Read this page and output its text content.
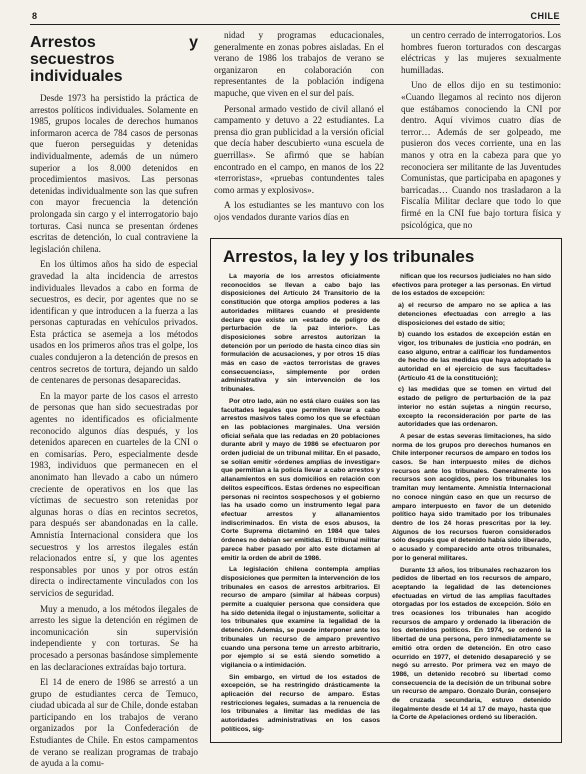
8	CHILE
Arrestos y secuestros individuales

Desde 1973 ha persistido la práctica de arrestos políticos individuales. Solamente en 1985, grupos locales de derechos humanos informaron acerca de 784 casos de personas que fueron perseguidas y detenidas individualmente, además de un número superior a los 8.000 detenidos en procedimientos masivos. Las personas detenidas individualmente son las que sufren con mayor frecuencia la detención prolongada sin cargo y el interrogatorio bajo torturas. Casi nunca se presentan órdenes escritas de detención, lo cual contraviene la legislación chilena.

En los últimos años ha sido de especial gravedad la alta incidencia de arrestos individuales llevados a cabo en forma de secuestros, es decir, por agentes que no se identifican y que introducen a la fuerza a las personas capturadas en vehículos privados. Esta práctica se asemeja a los métodos usados en los primeros años tras el golpe, los cuales condujeron a la detención de presos en centros secretos de tortura, dejando un saldo de centenares de personas desaparecidas.

En la mayor parte de los casos el arresto de personas que han sido secuestradas por agentes no identificados es oficialmente reconocido algunos días después, y los detenidos aparecen en cuarteles de la CNI o en comisarías. Pero, especialmente desde 1983, individuos que permanecen en el anonimato han llevado a cabo un número creciente de operativos en los que las víctimas de secuestro son retenidas por algunas horas o días en recintos secretos, para después ser abandonadas en la calle. Amnistía Internacional considera que los secuestros y los arrestos ilegales están relacionados entre sí, y que los agentes responsables por unos y por otros están directa o indirectamente vinculados con los servicios de seguridad.

Muy a menudo, a los métodos ilegales de arresto les sigue la detención en régimen de incomunicación sin supervisión independiente y con torturas. Se ha procesado a personas basándose simplemente en las declaraciones extraídas bajo tortura.

El 14 de enero de 1986 se arrestó a un grupo de estudiantes cerca de Temuco, ciudad ubicada al sur de Chile, donde estaban participando en los trabajos de verano organizados por la Confederación de Estudiantes de Chile. En estos campamentos de verano se realizan programas de trabajo de ayuda a la comu-

nidad y programas educacionales, generalmente en zonas pobres aisladas. En el verano de 1986 los trabajos de verano se organizaron en colaboración con representantes de la población indígena mapuche, que viven en el sur del país.

Personal armado vestido de civil allanó el campamento y detuvo a 22 estudiantes. La prensa dio gran publicidad a la versión oficial que decía haber descubierto «una escuela de guerrillas». Se afirmó que se habían encontrado en el campo, en manos de los 22 «terroristas», «pruebas contundentes tales como armas y explosivos».

A los estudiantes se les mantuvo con los ojos vendados durante varios días en

un centro cerrado de interrogatorios. Los hombres fueron torturados con descargas eléctricas y las mujeres sexualmente humilladas.

Uno de ellos dijo en su testimonio: «Cuando llegamos al recinto nos dijeron que estábamos conociendo la CNI por dentro. Aquí vivimos cuatro días de terror… Además de ser golpeado, me pusieron dos veces corriente, una en las manos y otra en la cabeza para que yo reconociera ser militante de las Juventudes Comunistas, que participaba en apagones y barricadas… Cuando nos trasladaron a la Fiscalía Militar declare que todo lo que firmé en la CNI fue bajo tortura física y psicológica, que no

Arrestos, la ley y los tribunales

La mayoría de los arrestos oficialmente reconocidos se llevan a cabo bajo las disposiciones del Artículo 24 Transitorio de la constitución que otorga amplios poderes a las autoridades militares cuando el presidente declare que existe un «estado de peligro de perturbación de la paz interior». Las disposiciones sobre arrestos autorizan la detención por un período de hasta cinco días sin formulación de acusaciones, y por otros 15 días más en caso de «actos terroristas de graves consecuencias», simplemente por orden administrativa y sin intervención de los tribunales.

Por otro lado, aún no está claro cuáles son las facultades legales que permiten llevar a cabo arrestos masivos tales como los que se efectúan en las poblaciones marginales. Una versión oficial señala que las redadas en 20 poblaciones durante abril y mayo de 1986 se efectuaron por orden judicial de un tribunal militar. En el pasado, se solían emitir «órdenes amplias de investigar» que permitían a la policía llevar a cabo arrestos y allanamientos en sus domicilios en relación con delitos específicos. Estas órdenes no especifican personas ni recintos sospechosos y el gobierno las ha usado como un instrumento legal para efectuar arrestos y allanamientos indiscriminados. En vista de esos abusos, la Corte Suprema dictaminó en 1984 que tales órdenes no debían ser emitidas. El tribunal militar parece haber pasado por alto este dictamen al emitir la orden de abril de 1986.

La legislación chilena contempla amplias disposiciones que permiten la intervención de los tribunales en casos de arrestos arbitrarios. El recurso de amparo (similar al hábeas corpus) permite a cualquier persona que considera que ha sido detenida ilegal o injustamente, solicitar a los tribunales que examine la legalidad de la detención. Además, se puede interponer ante los tribunales un recurso de amparo preventivo cuando una persona teme un arresto arbitrario, por ejemplo si se está siendo sometido a vigilancia o a intimidación.

Sin embargo, en virtud de los estados de excepción, se ha restringido drásticamente la aplicación del recurso de amparo. Estas restricciones legales, sumadas a la renuencia de los tribunales a limitar las medidas de las autoridades administrativas en los casos políticos, sig-

nifican que los recursos judiciales no han sido efectivos para proteger a las personas. En virtud de los estados de excepción:

a) el recurso de amparo no se aplica a las detenciones efectuadas con arreglo a las disposiciones del estado de sitio;

b) cuando los estados de excepción están en vigor, los tribunales de justicia «no podrán, en caso alguno, entrar a calificar los fundamentos de hecho de las medidas que haya adoptado la autoridad en el ejercicio de sus facultades» (Artículo 41 de la constitución);

c) las medidas que se tomen en virtud del estado de peligro de perturbación de la paz interior no están sujetas a ningún recurso, excepto la reconsideración por parte de las autoridades que las ordenaron.

A pesar de estas severas limitaciones, ha sido norma de los grupos pro derechos humanos en Chile interponer recursos de amparo en todos los casos. Se han interpuesto miles de dichos recursos ante los tribunales. Generalmente los recursos son acogidos, pero los tribunales los tramitan muy lentamente. Amnistía Internacional no conoce ningún caso en que un recurso de amparo interpuesto en favor de un detenido político haya sido tramitado por los tribunales dentro de los 24 horas prescritas por la ley. Algunos de los recursos fueron considerados sólo después que el detenido había sido liberado, o acusado y comparecido ante otros tribunales, por lo general militares.

Durante 13 años, los tribunales rechazaron los pedidos de libertad en los recursos de amparo, aceptando la legalidad de las detenciones efectuadas en virtud de las amplias facultades otorgadas por los estados de excepción. Sólo en tres ocasiones los tribunales han acogido recursos de amparo y ordenado la liberación de los detenidos políticos. En 1974, se ordenó la libertad de una persona, pero inmediatamente se emitió otra orden de detención. En otro caso ocurrido en 1977, el detenido desapareció y se negó su arresto. Por primera vez en mayo de 1986, un detenido recobró su libertad como consecuencia de la decisión de un tribunal sobre un recurso de amparo. Gonzalo Durán, consejero de cruzada secundaria, estuvo detenido ilegalmente desde el 14 al 17 de mayo, hasta que la Corte de Apelaciones ordenó su liberación.
